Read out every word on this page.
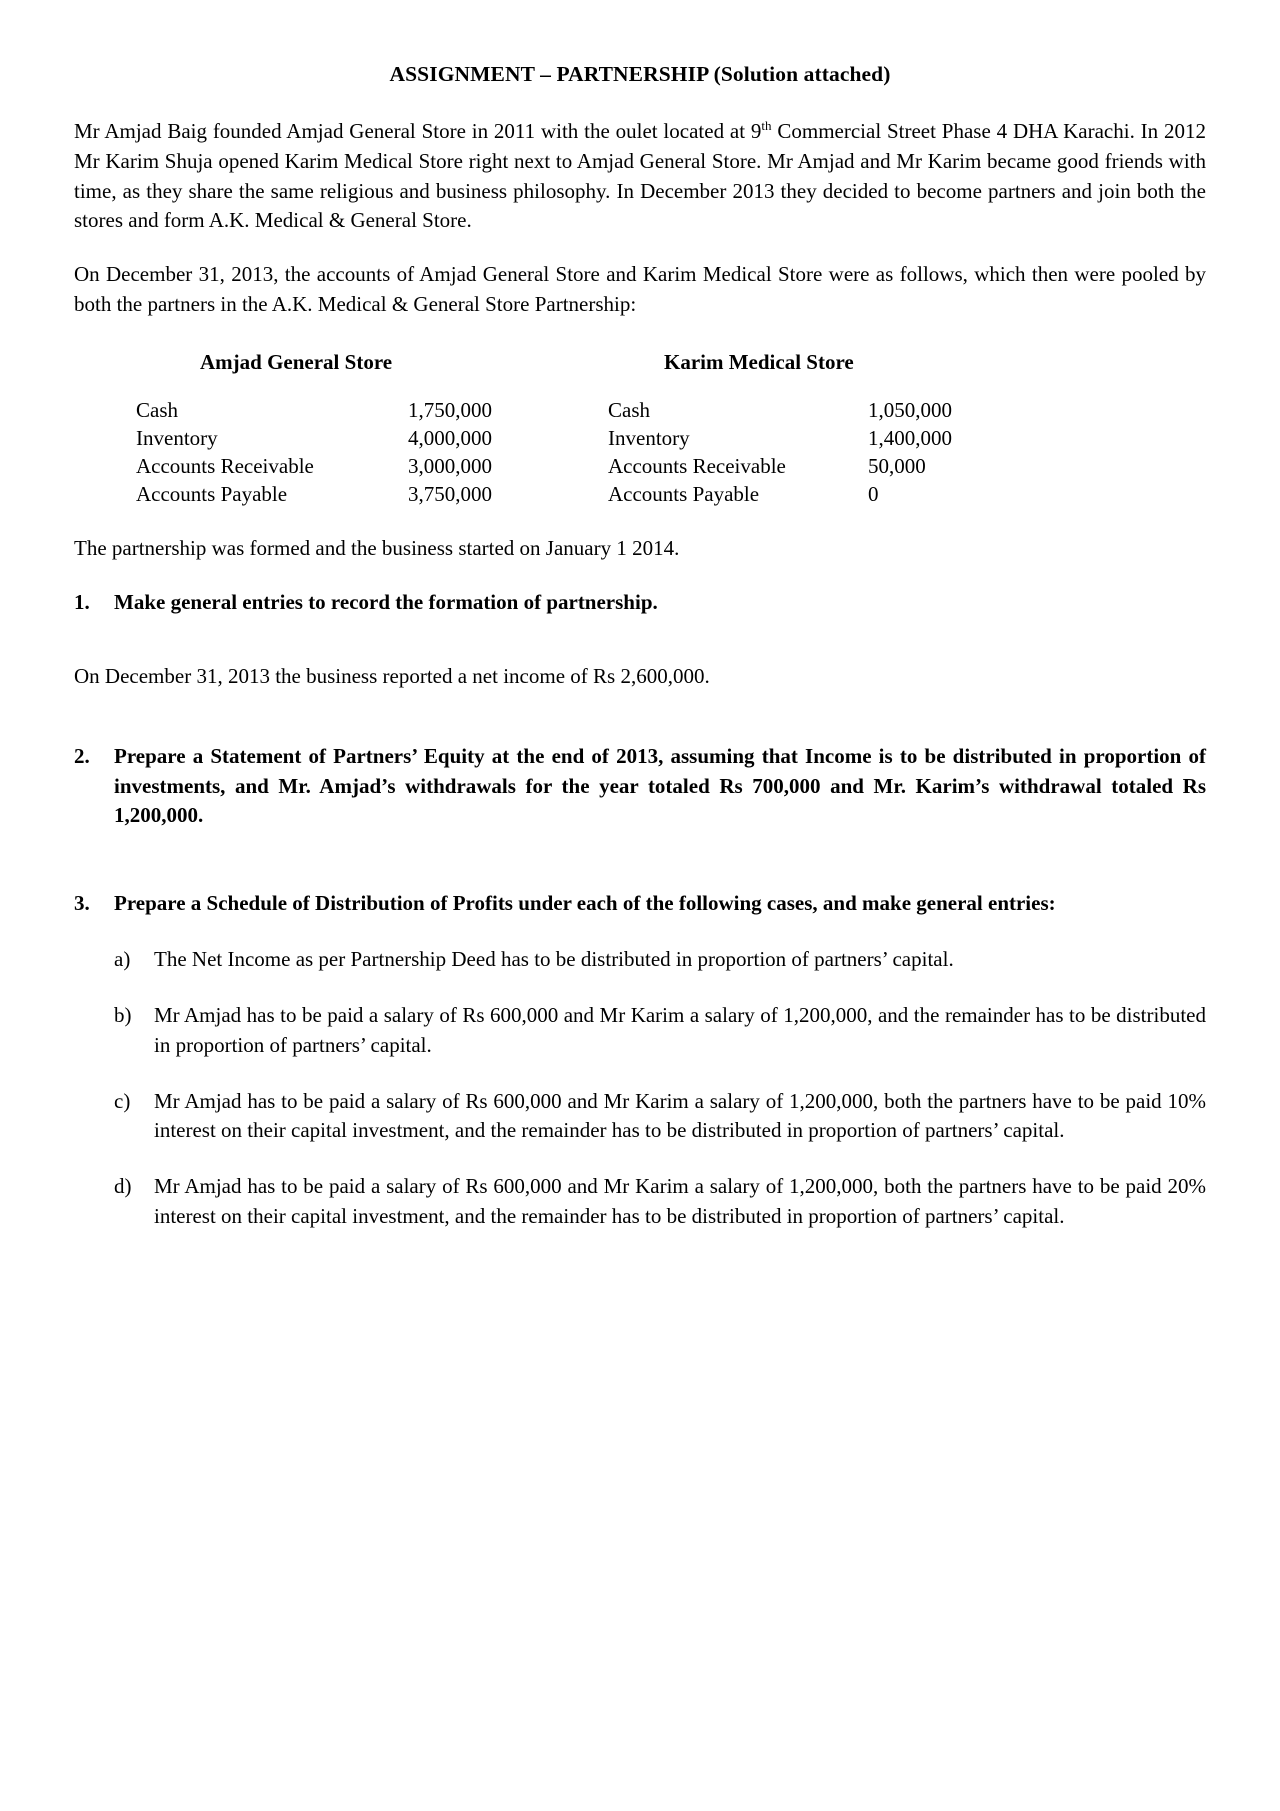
ASSIGNMENT – PARTNERSHIP (Solution attached)

Mr Amjad Baig founded Amjad General Store in 2011 with the oulet located at 9th Commercial Street Phase 4 DHA Karachi. In 2012 Mr Karim Shuja opened Karim Medical Store right next to Amjad General Store. Mr Amjad and Mr Karim became good friends with time, as they share the same religious and business philosophy. In December 2013 they decided to become partners and join both the stores and form A.K. Medical & General Store.

On December 31, 2013, the accounts of Amjad General Store and Karim Medical Store were as follows, which then were pooled by both the partners in the A.K. Medical & General Store Partnership:

Amjad General Store	Karim Medical Store
Cash	1,750,000	Cash	1,050,000
Inventory	4,000,000	Inventory	1,400,000
Accounts Receivable	3,000,000	Accounts Receivable	50,000
Accounts Payable	3,750,000	Accounts Payable	0

The partnership was formed and the business started on January 1 2014.

1. Make general entries to record the formation of partnership.

On December 31, 2013 the business reported a net income of Rs 2,600,000.

2. Prepare a Statement of Partners’ Equity at the end of 2013, assuming that Income is to be distributed in proportion of investments, and Mr. Amjad’s withdrawals for the year totaled Rs 700,000 and Mr. Karim’s withdrawal totaled Rs 1,200,000.
3. Prepare a Schedule of Distribution of Profits under each of the following cases, and make general entries:
a) The Net Income as per Partnership Deed has to be distributed in proportion of partners’ capital.
b) Mr Amjad has to be paid a salary of Rs 600,000 and Mr Karim a salary of 1,200,000, and the remainder has to be distributed in proportion of partners’ capital.
c) Mr Amjad has to be paid a salary of Rs 600,000 and Mr Karim a salary of 1,200,000, both the partners have to be paid 10% interest on their capital investment, and the remainder has to be distributed in proportion of partners’ capital.
d) Mr Amjad has to be paid a salary of Rs 600,000 and Mr Karim a salary of 1,200,000, both the partners have to be paid 20% interest on their capital investment, and the remainder has to be distributed in proportion of partners’ capital.
